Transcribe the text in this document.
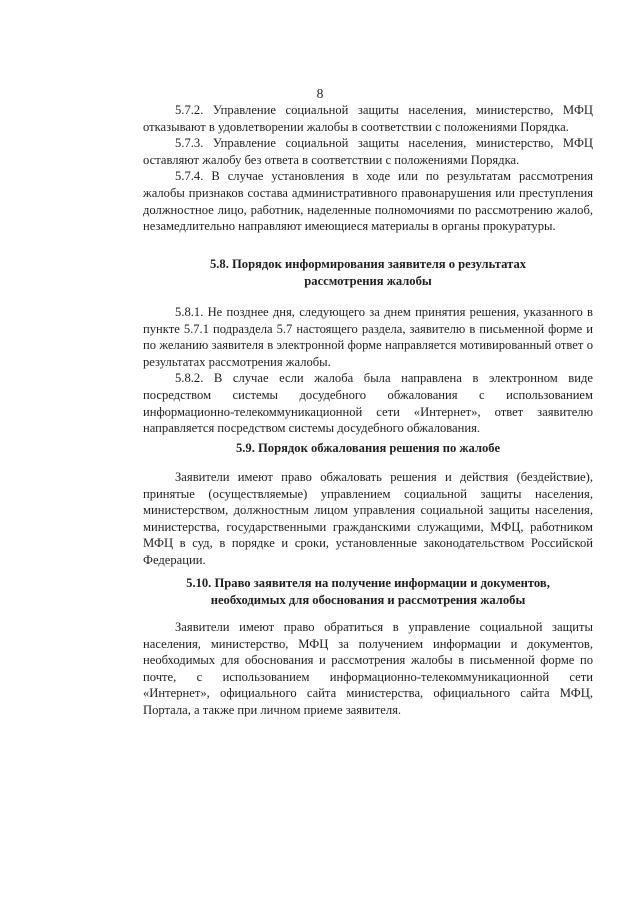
8

5.7.2. Управление социальной защиты населения, министерство, МФЦ отказывают в удовлетворении жалобы в соответствии с положениями Порядка.

5.7.3. Управление социальной защиты населения, министерство, МФЦ оставляют жалобу без ответа в соответствии с положениями Порядка.

5.7.4. В случае установления в ходе или по результатам рассмотрения жалобы признаков состава административного правонарушения или преступления должностное лицо, работник, наделенные полномочиями по рассмотрению жалоб, незамедлительно направляют имеющиеся материалы в органы прокуратуры.

5.8. Порядок информирования заявителя о результатах
рассмотрения жалобы

5.8.1. Не позднее дня, следующего за днем принятия решения, указанного в пункте 5.7.1 подраздела 5.7 настоящего раздела, заявителю в письменной форме и по желанию заявителя в электронной форме направляется мотивированный ответ о результатах рассмотрения жалобы.

5.8.2. В случае если жалоба была направлена в электронном виде посредством системы досудебного обжалования с использованием информационно-телекоммуникационной сети «Интернет», ответ заявителю направляется посредством системы досудебного обжалования.

5.9. Порядок обжалования решения по жалобе

Заявители имеют право обжаловать решения и действия (бездействие), принятые (осуществляемые) управлением социальной защиты населения, министерством, должностным лицом управления социальной защиты населения, министерства, государственными гражданскими служащими, МФЦ, работником МФЦ в суд, в порядке и сроки, установленные законодательством Российской Федерации.

5.10. Право заявителя на получение информации и документов,
необходимых для обоснования и рассмотрения жалобы

Заявители имеют право обратиться в управление социальной защиты населения, министерство, МФЦ за получением информации и документов, необходимых для обоснования и рассмотрения жалобы в письменной форме по почте, с использованием информационно-телекоммуникационной сети «Интернет», официального сайта министерства, официального сайта МФЦ, Портала, а также при личном приеме заявителя.
